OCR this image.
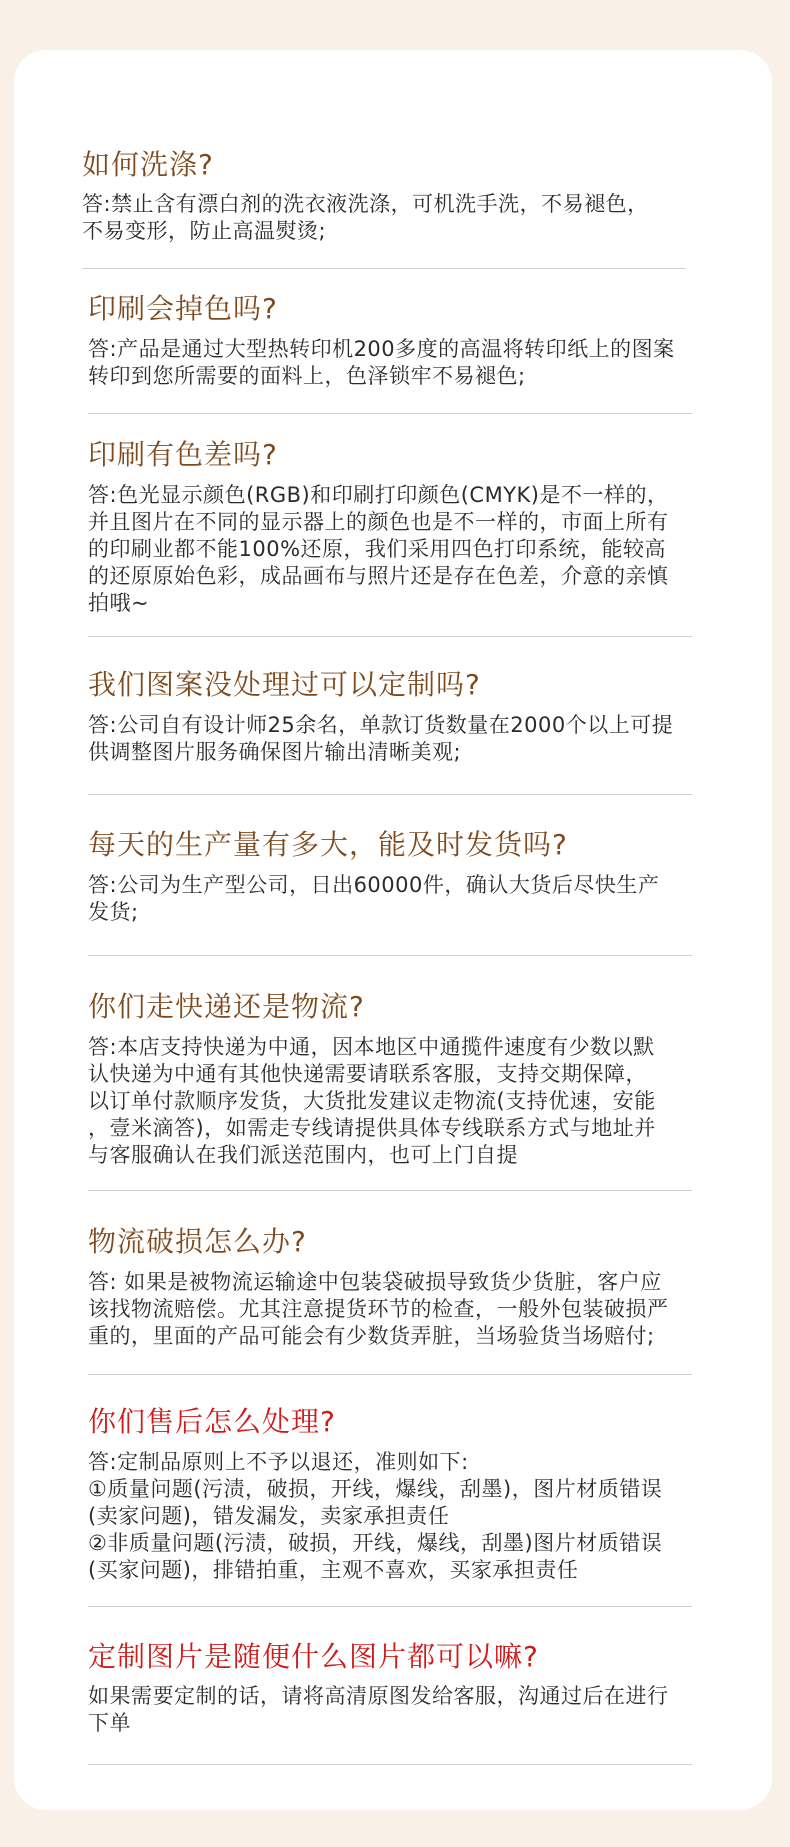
如何洗涤?
答:禁止含有漂白剂的洗衣液洗涤，可机洗手洗，不易褪色，
不易变形，防止高温熨烫;
印刷会掉色吗?
答:产品是通过大型热转印机200多度的高温将转印纸上的图案
转印到您所需要的面料上，色泽锁牢不易褪色;
印刷有色差吗?
答:色光显示颜色(RGB)和印刷打印颜色(CMYK)是不一样的，
并且图片在不同的显示器上的颜色也是不一样的，市面上所有
的印刷业都不能100%还原，我们采用四色打印系统，能较高
的还原原始色彩，成品画布与照片还是存在色差，介意的亲慎
拍哦~
我们图案没处理过可以定制吗?
答:公司自有设计师25余名，单款订货数量在2000个以上可提
供调整图片服务确保图片输出清晰美观;
每天的生产量有多大，能及时发货吗?
答:公司为生产型公司，日出60000件，确认大货后尽快生产
发货;
你们走快递还是物流?
答:本店支持快递为中通，因本地区中通揽件速度有少数以默
认快递为中通有其他快递需要请联系客服，支持交期保障，
以订单付款顺序发货，大货批发建议走物流(支持优速，安能
，壹米滴答)，如需走专线请提供具体专线联系方式与地址并
与客服确认在我们派送范围内，也可上门自提
物流破损怎么办?
答: 如果是被物流运输途中包装袋破损导致货少货脏，客户应
该找物流赔偿。尤其注意提货环节的检查，一般外包装破损严
重的，里面的产品可能会有少数货弄脏，当场验货当场赔付;
你们售后怎么处理?
答:定制品原则上不予以退还，准则如下:
①质量问题(污渍，破损，开线，爆线，刮墨)，图片材质错误
(卖家问题)，错发漏发，卖家承担责任
②非质量问题(污渍，破损，开线，爆线，刮墨)图片材质错误
(买家问题)，排错拍重，主观不喜欢，买家承担责任
定制图片是随便什么图片都可以嘛?
如果需要定制的话，请将高清原图发给客服，沟通过后在进行
下单
